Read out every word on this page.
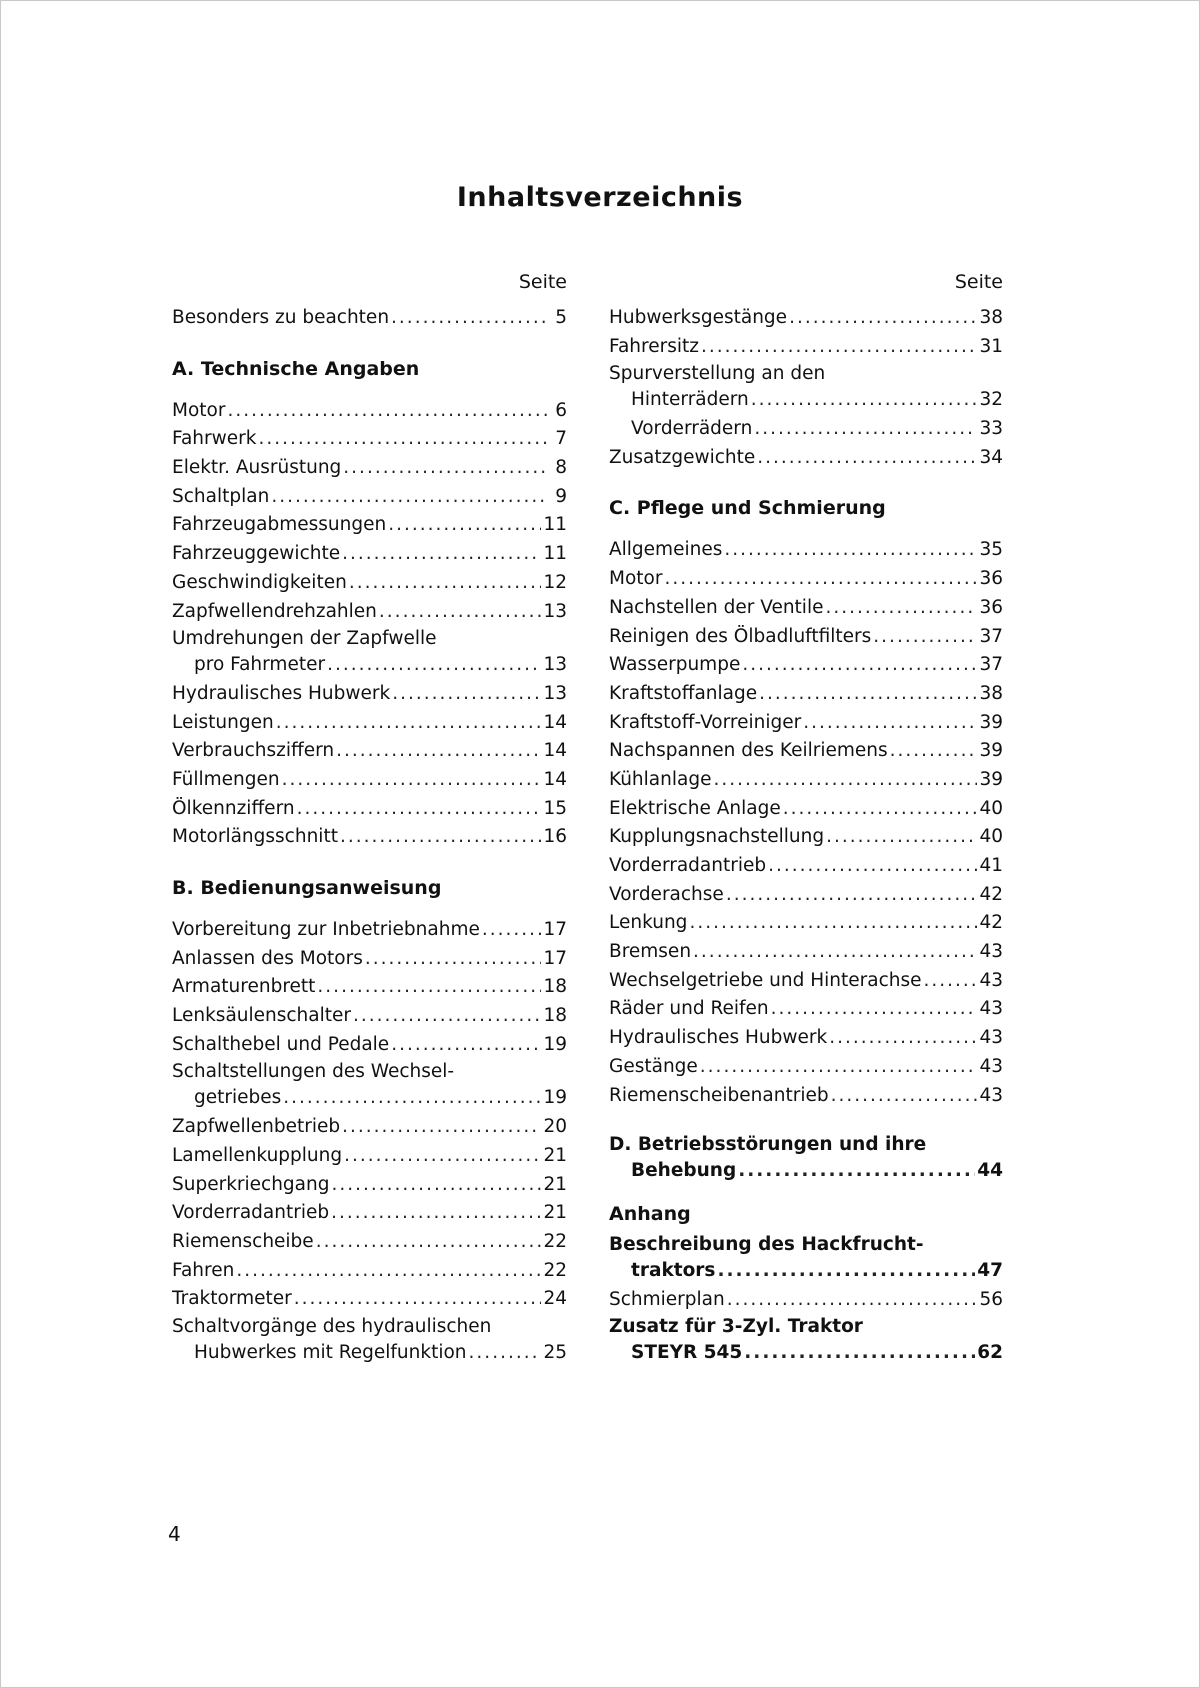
Inhaltsverzeichnis
Seite
Besonders zu beachten .....	5
A. Technische Angaben
Motor .....	6
Fahrwerk .....	7
Elektr. Ausrüstung .....	8
Schaltplan .....	9
Fahrzeugabmessungen .....	11
Fahrzeuggewichte .....	11
Geschwindigkeiten .....	12
Zapfwellendrehzahlen .....	13
Umdrehungen der Zapfwelle
pro Fahrmeter .....	13
Hydraulisches Hubwerk .....	13
Leistungen .....	14
Verbrauchsziffern .....	14
Füllmengen .....	14
Ölkennziffern .....	15
Motorlängsschnitt .....	16
B. Bedienungsanweisung
Vorbereitung zur Inbetriebnahme .....	17
Anlassen des Motors .....	17
Armaturenbrett .....	18
Lenksäulenschalter .....	18
Schalthebel und Pedale .....	19
Schaltstellungen des Wechsel-
getriebes .....	19
Zapfwellenbetrieb .....	20
Lamellenkupplung .....	21
Superkriechgang .....	21
Vorderradantrieb .....	21
Riemenscheibe .....	22
Fahren .....	22
Traktormeter .....	24
Schaltvorgänge des hydraulischen
Hubwerkes mit Regelfunktion .....	25
Seite
Hubwerksgestänge .....	38
Fahrersitz .....	31
Spurverstellung an den
Hinterrädern .....	32
Vorderrädern .....	33
Zusatzgewichte .....	34
C. Pflege und Schmierung
Allgemeines .....	35
Motor .....	36
Nachstellen der Ventile .....	36
Reinigen des Ölbadluftfilters .....	37
Wasserpumpe .....	37
Kraftstoffanlage .....	38
Kraftstoff-Vorreiniger .....	39
Nachspannen des Keilriemens .....	39
Kühlanlage .....	39
Elektrische Anlage .....	40
Kupplungsnachstellung .....	40
Vorderradantrieb .....	41
Vorderachse .....	42
Lenkung .....	42
Bremsen .....	43
Wechselgetriebe und Hinterachse .....	43
Räder und Reifen .....	43
Hydraulisches Hubwerk .....	43
Gestänge .....	43
Riemenscheibenantrieb .....	43
D. Betriebsstörungen und ihre
Behebung .....	44
Anhang
Beschreibung des Hackfrucht-
traktors .....	47
Schmierplan .....	56
Zusatz für 3-Zyl. Traktor
STEYR 545 .....	62
4
